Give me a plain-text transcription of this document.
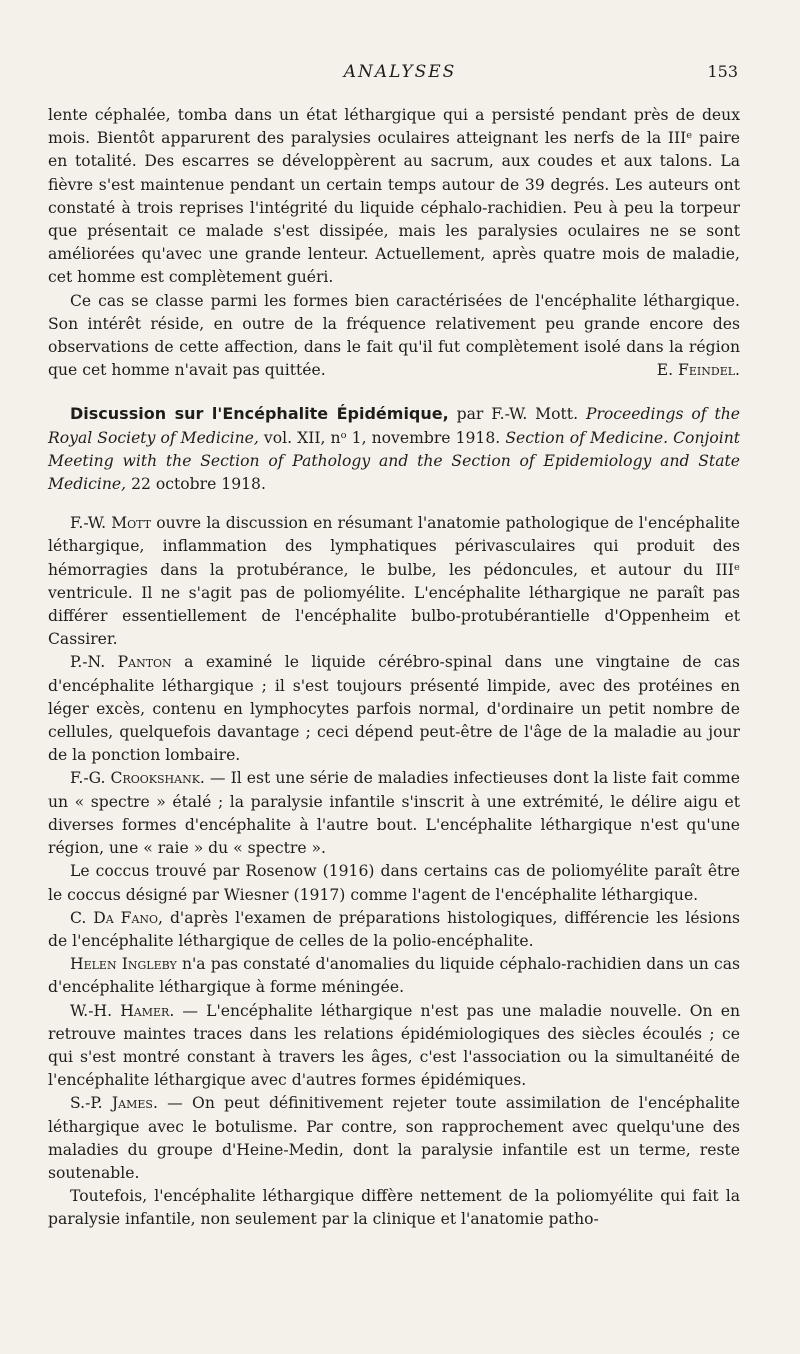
ANALYSES	153

lente céphalée, tomba dans un état léthargique qui a persisté pendant près de deux mois. Bientôt apparurent des paralysies oculaires atteignant les nerfs de la IIIᵉ paire en totalité. Des escarres se développèrent au sacrum, aux coudes et aux talons. La fièvre s'est maintenue pendant un certain temps autour de 39 degrés. Les auteurs ont constaté à trois reprises l'intégrité du liquide céphalo-rachidien. Peu à peu la torpeur que présentait ce malade s'est dissipée, mais les paralysies oculaires ne se sont améliorées qu'avec une grande lenteur. Actuellement, après quatre mois de maladie, cet homme est complètement guéri.

Ce cas se classe parmi les formes bien caractérisées de l'encéphalite léthargique. Son intérêt réside, en outre de la fréquence relativement peu grande encore des observations de cette affection, dans le fait qu'il fut complètement isolé dans la région que cet homme n'avait pas quittée.	E. Feindel.

Discussion sur l'Encéphalite Épidémique, par F.-W. Mott. Proceedings of the Royal Society of Medicine, vol. XII, nᵒ 1, novembre 1918. Section of Medicine. Conjoint Meeting with the Section of Pathology and the Section of Epidemiology and State Medicine, 22 octobre 1918.

F.-W. Mott ouvre la discussion en résumant l'anatomie pathologique de l'encéphalite léthargique, inflammation des lymphatiques périvasculaires qui produit des hémorragies dans la protubérance, le bulbe, les pédoncules, et autour du IIIᵉ ventricule. Il ne s'agit pas de poliomyélite. L'encéphalite léthargique ne paraît pas différer essentiellement de l'encéphalite bulbo-protubérantielle d'Oppenheim et Cassirer.

P.-N. Panton a examiné le liquide cérébro-spinal dans une vingtaine de cas d'encéphalite léthargique ; il s'est toujours présenté limpide, avec des protéines en léger excès, contenu en lymphocytes parfois normal, d'ordinaire un petit nombre de cellules, quelquefois davantage ; ceci dépend peut-être de l'âge de la maladie au jour de la ponction lombaire.

F.-G. Crookshank. — Il est une série de maladies infectieuses dont la liste fait comme un « spectre » étalé ; la paralysie infantile s'inscrit à une extrémité, le délire aigu et diverses formes d'encéphalite à l'autre bout. L'encéphalite léthargique n'est qu'une région, une « raie » du « spectre ».

Le coccus trouvé par Rosenow (1916) dans certains cas de poliomyélite paraît être le coccus désigné par Wiesner (1917) comme l'agent de l'encéphalite léthargique.

C. Da Fano, d'après l'examen de préparations histologiques, différencie les lésions de l'encéphalite léthargique de celles de la polio-encéphalite.

Helen Ingleby n'a pas constaté d'anomalies du liquide céphalo-rachidien dans un cas d'encéphalite léthargique à forme méningée.

W.-H. Hamer. — L'encéphalite léthargique n'est pas une maladie nouvelle. On en retrouve maintes traces dans les relations épidémiologiques des siècles écoulés ; ce qui s'est montré constant à travers les âges, c'est l'association ou la simultanéité de l'encéphalite léthargique avec d'autres formes épidémiques.

S.-P. James. — On peut définitivement rejeter toute assimilation de l'encéphalite léthargique avec le botulisme. Par contre, son rapprochement avec quelqu'une des maladies du groupe d'Heine-Medin, dont la paralysie infantile est un terme, reste soutenable.

Toutefois, l'encéphalite léthargique diffère nettement de la poliomyélite qui fait la paralysie infantile, non seulement par la clinique et l'anatomie patho-
